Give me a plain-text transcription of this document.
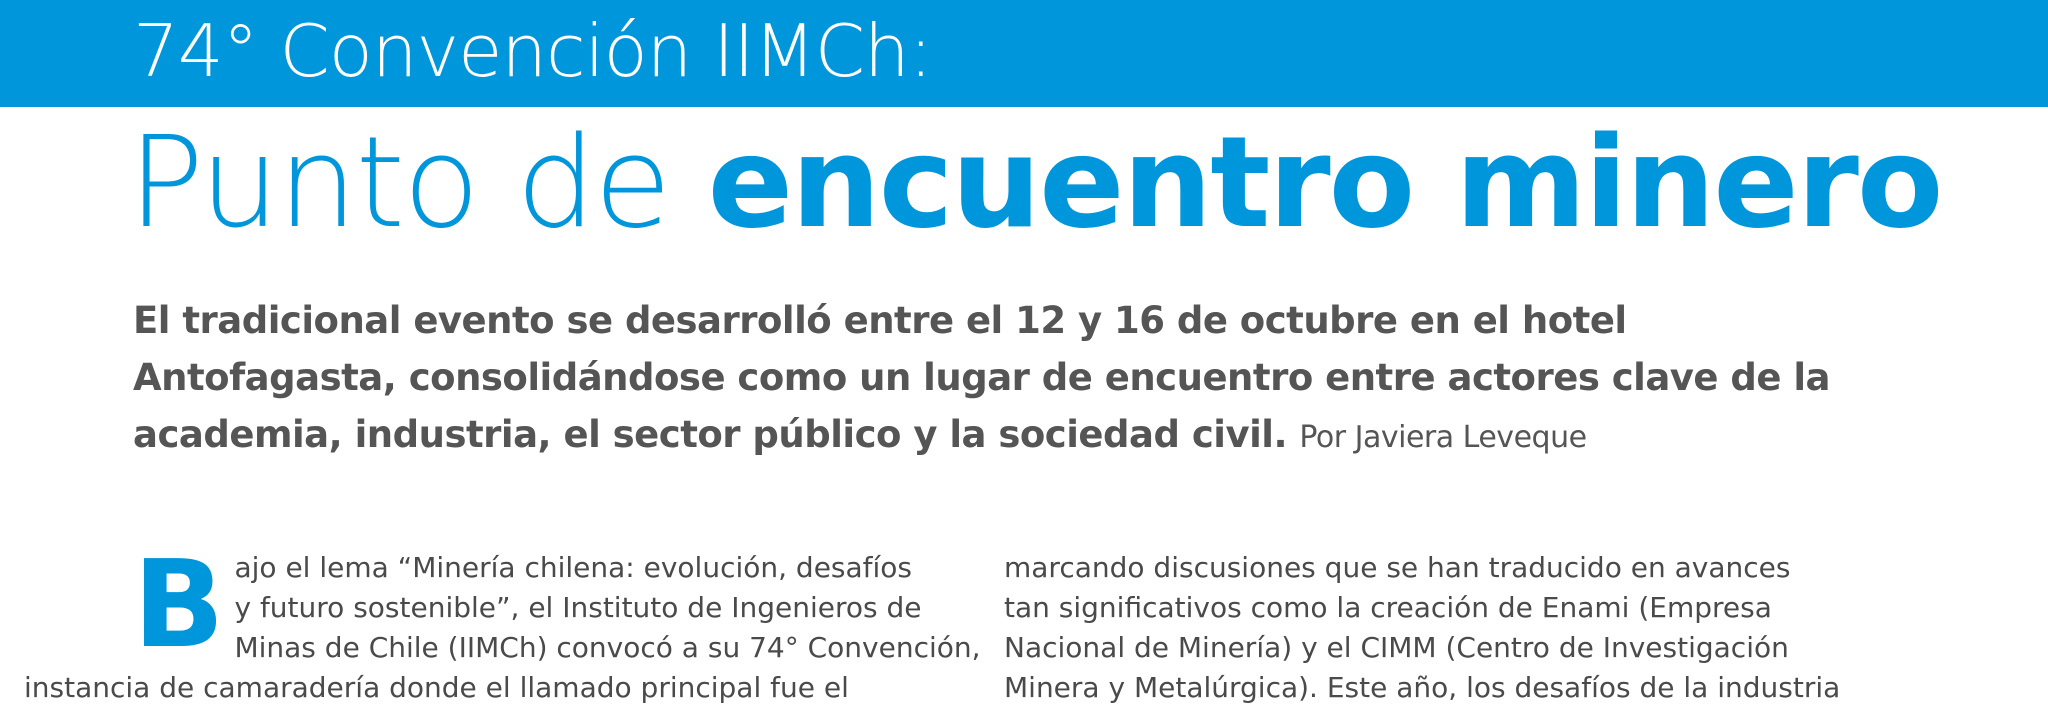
74° Convención IIMCh:
Punto de encuentro minero
El tradicional evento se desarrolló entre el 12 y 16 de octubre en el hotel Antofagasta, consolidándose como un lugar de encuentro entre actores clave de la academia, industria, el sector público y la sociedad civil. Por Javiera Leveque
B ajo el lema “Minería chilena: evolución, desafíos
y futuro sostenible”, el Instituto de Ingenieros de
Minas de Chile (IIMCh) convocó a su 74° Convención,
instancia de camaradería donde el llamado principal fue el
marcando discusiones que se han traducido en avances
tan significativos como la creación de Enami (Empresa
Nacional de Minería) y el CIMM (Centro de Investigación
Minera y Metalúrgica). Este año, los desafíos de la industria
